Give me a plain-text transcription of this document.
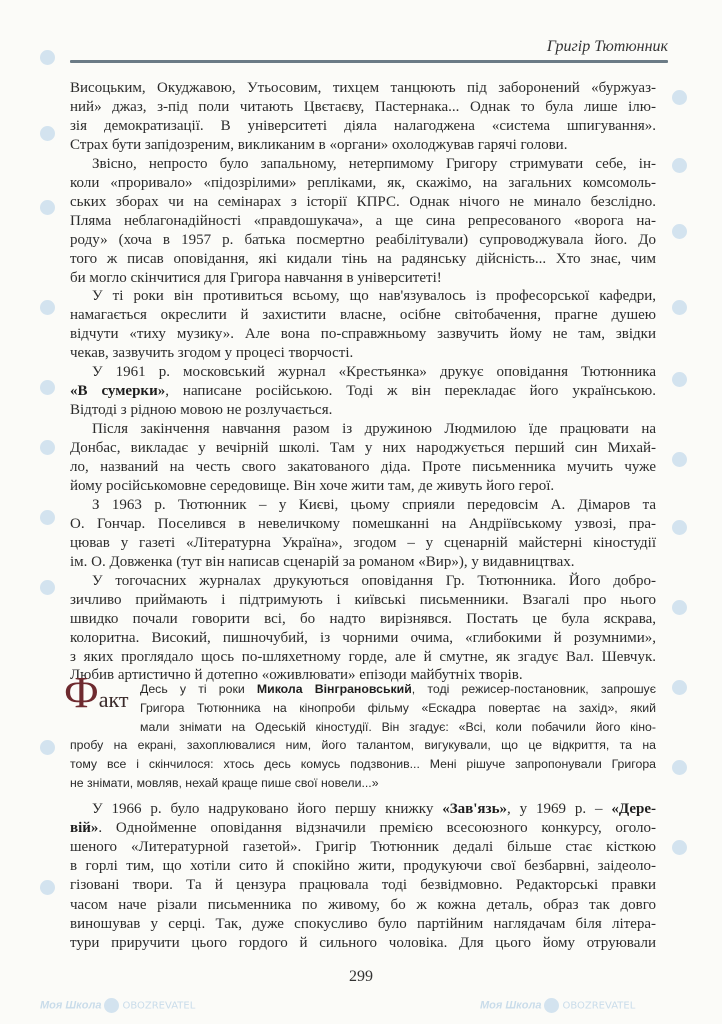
Моя Школа OBOZREVATEL	Моя Школа OBOZREVATEL
Григір Тютюнник
Висоцьким, Окуджавою, Утьосовим, тихцем танцюють під заборонений «буржуаз-
ний» джаз, з-під поли читають Цвєтаєву, Пастернака... Однак то була лише ілю-
зія демократизації. В університеті діяла налагоджена «система шпигування».
Страх бути запідозреним, викликаним в «органи» охолоджував гарячі голови.
Звісно, непросто було запальному, нетерпимому Григору стримувати себе, ін-
коли «проривало» «підозрілими» репліками, як, скажімо, на загальних комсомоль-
ських зборах чи на семінарах з історії КПРС. Однак нічого не минало безслідно.
Пляма неблагонадійності «правдошукача», а ще сина репресованого «ворога на-
роду» (хоча в 1957 р. батька посмертно реабілітували) супроводжувала його. До
того ж писав оповідання, які кидали тінь на радянську дійсність... Хто знає, чим
би могло скінчитися для Григора навчання в університеті!
У ті роки він противиться всьому, що нав'язувалось із професорської кафедри,
намагається окреслити й захистити власне, осібне світобачення, прагне душею
відчути «тиху музику». Але вона по-справжньому зазвучить йому не там, звідки
чекав, зазвучить згодом у процесі творчості.
У 1961 р. московський журнал «Крестьянка» друкує оповідання Тютюнника
«В сумерки», написане російською. Тоді ж він перекладає його українською.
Відтоді з рідною мовою не розлучається.
Після закінчення навчання разом із дружиною Людмилою їде працювати на
Донбас, викладає у вечірній школі. Там у них народжується перший син Михай-
ло, названий на честь свого закатованого діда. Проте письменника мучить чуже
йому російськомовне середовище. Він хоче жити там, де живуть його герої.
З 1963 р. Тютюнник – у Києві, цьому сприяли передовсім А. Дімаров та
О. Гончар. Поселився в невеличкому помешканні на Андріївському узвозі, пра-
цював у газеті «Літературна Україна», згодом – у сценарній майстерні кіностудії
ім. О. Довженка (тут він написав сценарій за романом «Вир»), у видавництвах.
У тогочасних журналах друкуються оповідання Гр. Тютюнника. Його добро-
зичливо приймають і підтримують і київські письменники. Взагалі про нього
швидко почали говорити всі, бо надто вирізнявся. Постать це була яскрава,
колоритна. Високий, пишночубий, із чорними очима, «глибокими й розумними»,
з яких проглядало щось по-шляхетному горде, але й смутне, як згадує Вал. Шевчук.
Любив артистично й дотепно «оживлювати» епізоди майбутніх творів.
Десь у ті роки Микола Вінграновський, тоді режисер-постановник, запрошує
Григора Тютюнника на кінопроби фільму «Ескадра повертає на захід», який
мали знімати на Одеській кіностудії. Він згадує: «Всі, коли побачили його кіно-
пробу на екрані, захоплювалися ним, його талантом, вигукували, що це відкриття, та на
тому все і скінчилося: хтось десь комусь подзвонив... Мені рішуче запропонували Григора
не знімати, мовляв, нехай краще пише свої новели...»
У 1966 р. було надруковано його першу книжку «Зав'язь», у 1969 р. – «Дере-
вій». Однойменне оповідання відзначили премією всесоюзного конкурсу, оголо-
шеного «Литературной газетой». Григір Тютюнник дедалі більше стає кісткою
в горлі тим, що хотіли сито й спокійно жити, продукуючи свої безбарвні, заідеоло-
гізовані твори. Та й цензура працювала тоді безвідмовно. Редакторські правки
часом наче різали письменника по живому, бо ж кожна деталь, образ так довго
виношував у серці. Так, дуже спокусливо було партійним наглядачам біля літера-
тури приручити цього гордого й сильного чоловіка. Для цього йому отруювали
Факт
299
